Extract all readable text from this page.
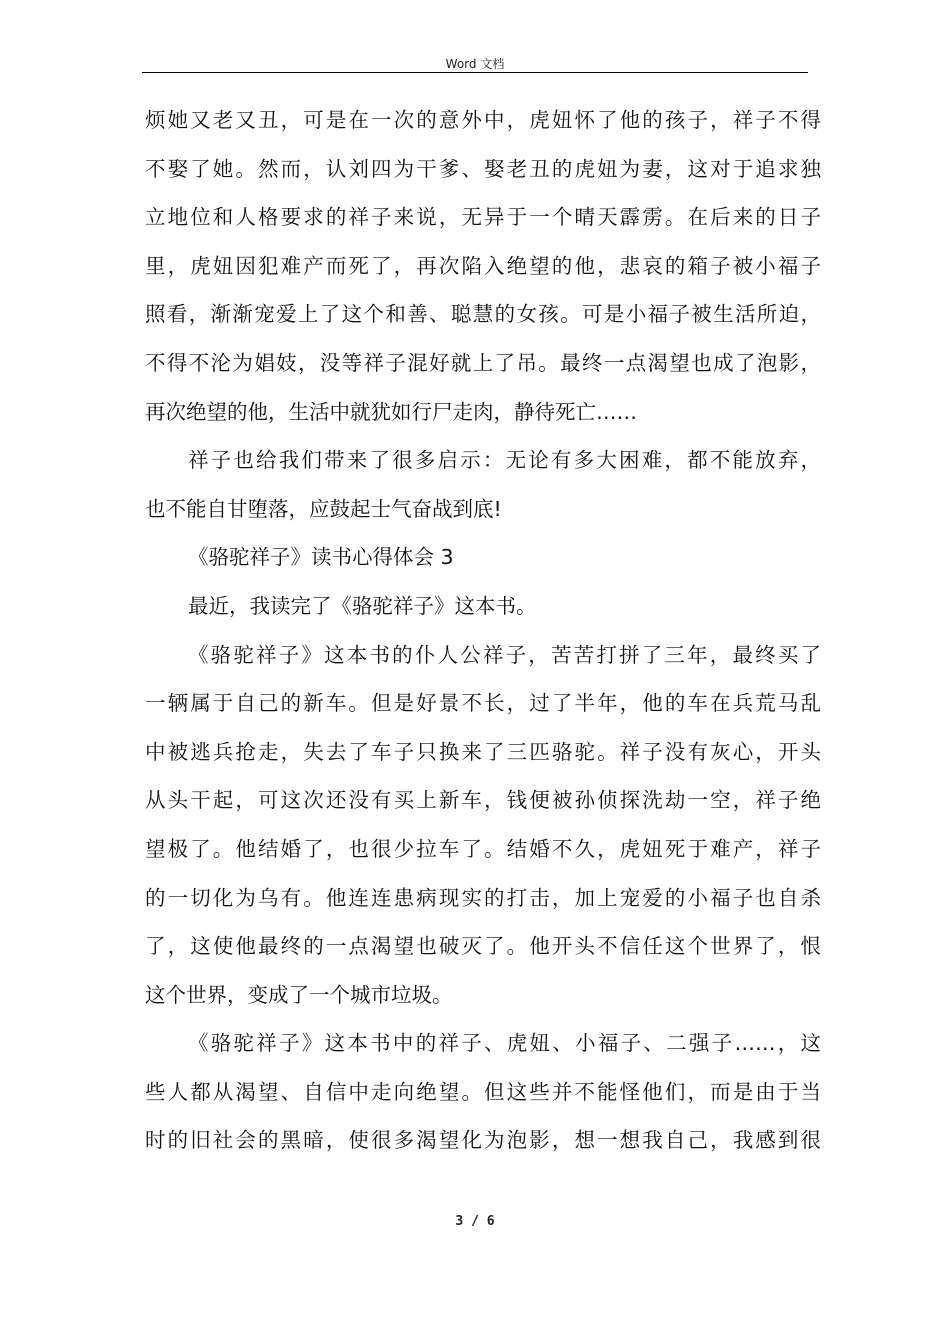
Word 文档
烦她又老又丑，可是在一次的意外中，虎妞怀了他的孩子，祥子不得
不娶了她。然而，认刘四为干爹、娶老丑的虎妞为妻，这对于追求独
立地位和人格要求的祥子来说，无异于一个晴天霹雳。在后来的日子
里，虎妞因犯难产而死了，再次陷入绝望的他，悲哀的箱子被小福子
照看，渐渐宠爱上了这个和善、聪慧的女孩。可是小福子被生活所迫，
不得不沦为娼妓，没等祥子混好就上了吊。最终一点渴望也成了泡影，
再次绝望的他，生活中就犹如行尸走肉，静待死亡……
祥子也给我们带来了很多启示：无论有多大困难，都不能放弃，
也不能自甘堕落，应鼓起士气奋战到底!
《骆驼祥子》读书心得体会 3
最近，我读完了《骆驼祥子》这本书。
《骆驼祥子》这本书的仆人公祥子，苦苦打拼了三年，最终买了
一辆属于自己的新车。但是好景不长，过了半年，他的车在兵荒马乱
中被逃兵抢走，失去了车子只换来了三匹骆驼。祥子没有灰心，开头
从头干起，可这次还没有买上新车，钱便被孙侦探洗劫一空，祥子绝
望极了。他结婚了，也很少拉车了。结婚不久，虎妞死于难产，祥子
的一切化为乌有。他连连患病现实的打击，加上宠爱的小福子也自杀
了，这使他最终的一点渴望也破灭了。他开头不信任这个世界了，恨
这个世界，变成了一个城市垃圾。
《骆驼祥子》这本书中的祥子、虎妞、小福子、二强子……，这
些人都从渴望、自信中走向绝望。但这些并不能怪他们，而是由于当
时的旧社会的黑暗，使很多渴望化为泡影，想一想我自己，我感到很
3 / 6
